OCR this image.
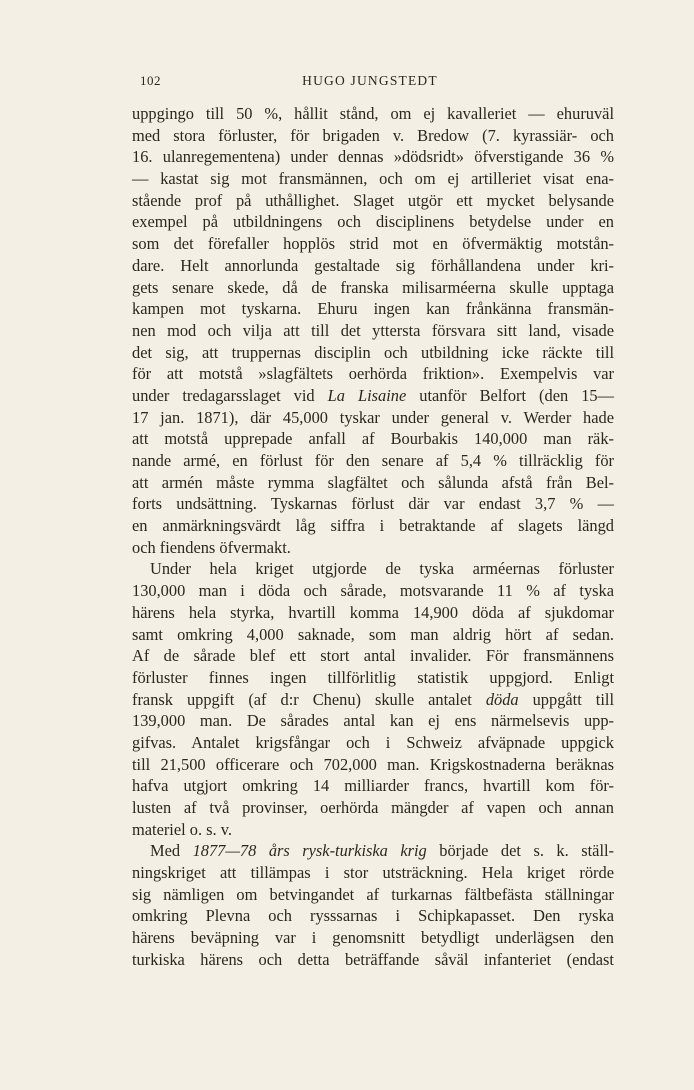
102	HUGO JUNGSTEDT
uppgingo till 50 %, hållit stånd, om ej kavalleriet — ehuruväl
med stora förluster, för brigaden v. Bredow (7. kyrassiär- och
16. ulanregementena) under dennas »dödsridt» öfverstigande 36 %
— kastat sig mot fransmännen, och om ej artilleriet visat ena-
stående prof på uthållighet. Slaget utgör ett mycket belysande
exempel på utbildningens och disciplinens betydelse under en
som det förefaller hopplös strid mot en öfvermäktig motstån-
dare. Helt annorlunda gestaltade sig förhållandena under kri-
gets senare skede, då de franska milisarméerna skulle upptaga
kampen mot tyskarna. Ehuru ingen kan frånkänna fransmän-
nen mod och vilja att till det yttersta försvara sitt land, visade
det sig, att truppernas disciplin och utbildning icke räckte till
för att motstå »slagfältets oerhörda friktion». Exempelvis var
under tredagarsslaget vid La Lisaine utanför Belfort (den 15—
17 jan. 1871), där 45,000 tyskar under general v. Werder hade
att motstå upprepade anfall af Bourbakis 140,000 man räk-
nande armé, en förlust för den senare af 5,4 % tillräcklig för
att armén måste rymma slagfältet och sålunda afstå från Bel-
forts undsättning. Tyskarnas förlust där var endast 3,7 % —
en anmärkningsvärdt låg siffra i betraktande af slagets längd
och fiendens öfvermakt.
Under hela kriget utgjorde de tyska arméernas förluster
130,000 man i döda och sårade, motsvarande 11 % af tyska
härens hela styrka, hvartill komma 14,900 döda af sjukdomar
samt omkring 4,000 saknade, som man aldrig hört af sedan.
Af de sårade blef ett stort antal invalider. För fransmännens
förluster finnes ingen tillförlitlig statistik uppgjord. Enligt
fransk uppgift (af d:r Chenu) skulle antalet döda uppgått till
139,000 man. De sårades antal kan ej ens närmelsevis upp-
gifvas. Antalet krigsfångar och i Schweiz afväpnade uppgick
till 21,500 officerare och 702,000 man. Krigskostnaderna beräknas
hafva utgjort omkring 14 milliarder francs, hvartill kom för-
lusten af två provinser, oerhörda mängder af vapen och annan
materiel o. s. v.
Med 1877—78 års rysk-turkiska krig började det s. k. ställ-
ningskriget att tillämpas i stor utsträckning. Hela kriget rörde
sig nämligen om betvingandet af turkarnas fältbefästa ställningar
omkring Plevna och rysssarnas i Schipkapasset. Den ryska
härens beväpning var i genomsnitt betydligt underlägsen den
turkiska härens och detta beträffande såväl infanteriet (endast
